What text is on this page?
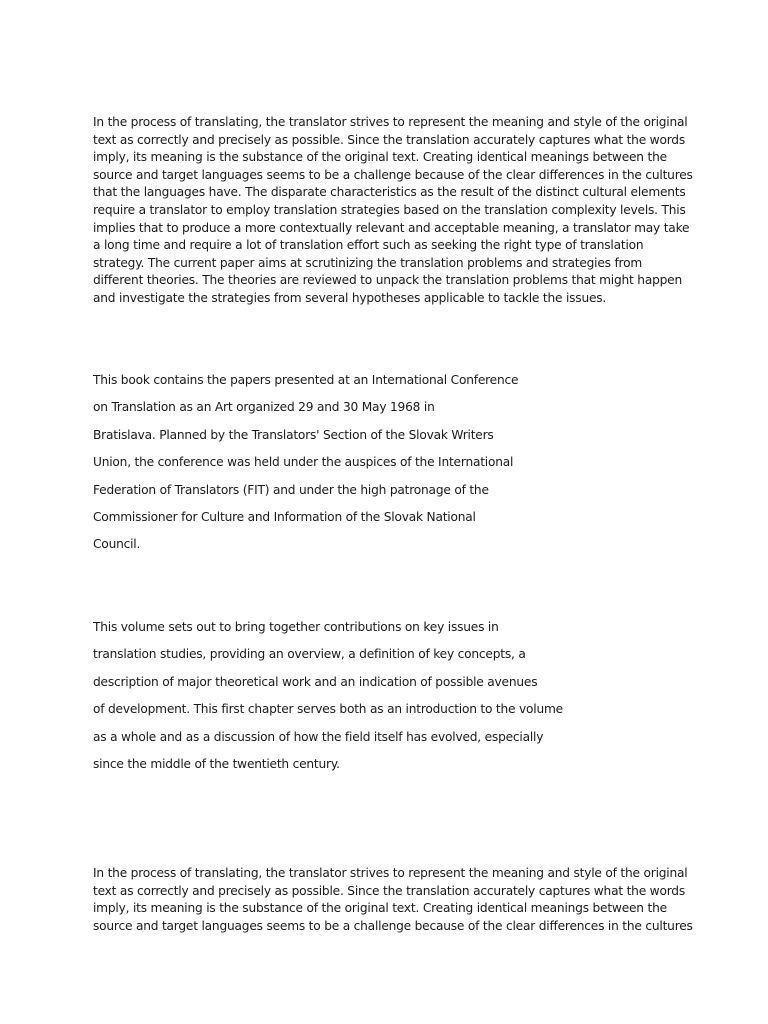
In the process of translating, the translator strives to represent the meaning and style of the original
text as correctly and precisely as possible. Since the translation accurately captures what the words
imply, its meaning is the substance of the original text. Creating identical meanings between the
source and target languages seems to be a challenge because of the clear differences in the cultures
that the languages have. The disparate characteristics as the result of the distinct cultural elements
require a translator to employ translation strategies based on the translation complexity levels. This
implies that to produce a more contextually relevant and acceptable meaning, a translator may take
a long time and require a lot of translation effort such as seeking the right type of translation
strategy. The current paper aims at scrutinizing the translation problems and strategies from
different theories. The theories are reviewed to unpack the translation problems that might happen
and investigate the strategies from several hypotheses applicable to tackle the issues.

This book contains the papers presented at an International Conference
on Translation as an Art organized 29 and 30 May 1968 in
Bratislava. Planned by the Translators' Section of the Slovak Writers
Union, the conference was held under the auspices of the International
Federation of Translators (FIT) and under the high patronage of the
Commissioner for Culture and Information of the Slovak National
Council.

This volume sets out to bring together contributions on key issues in
translation studies, providing an overview, a definition of key concepts, a
description of major theoretical work and an indication of possible avenues
of development. This first chapter serves both as an introduction to the volume
as a whole and as a discussion of how the field itself has evolved, especially
since the middle of the twentieth century.

In the process of translating, the translator strives to represent the meaning and style of the original
text as correctly and precisely as possible. Since the translation accurately captures what the words
imply, its meaning is the substance of the original text. Creating identical meanings between the
source and target languages seems to be a challenge because of the clear differences in the cultures
